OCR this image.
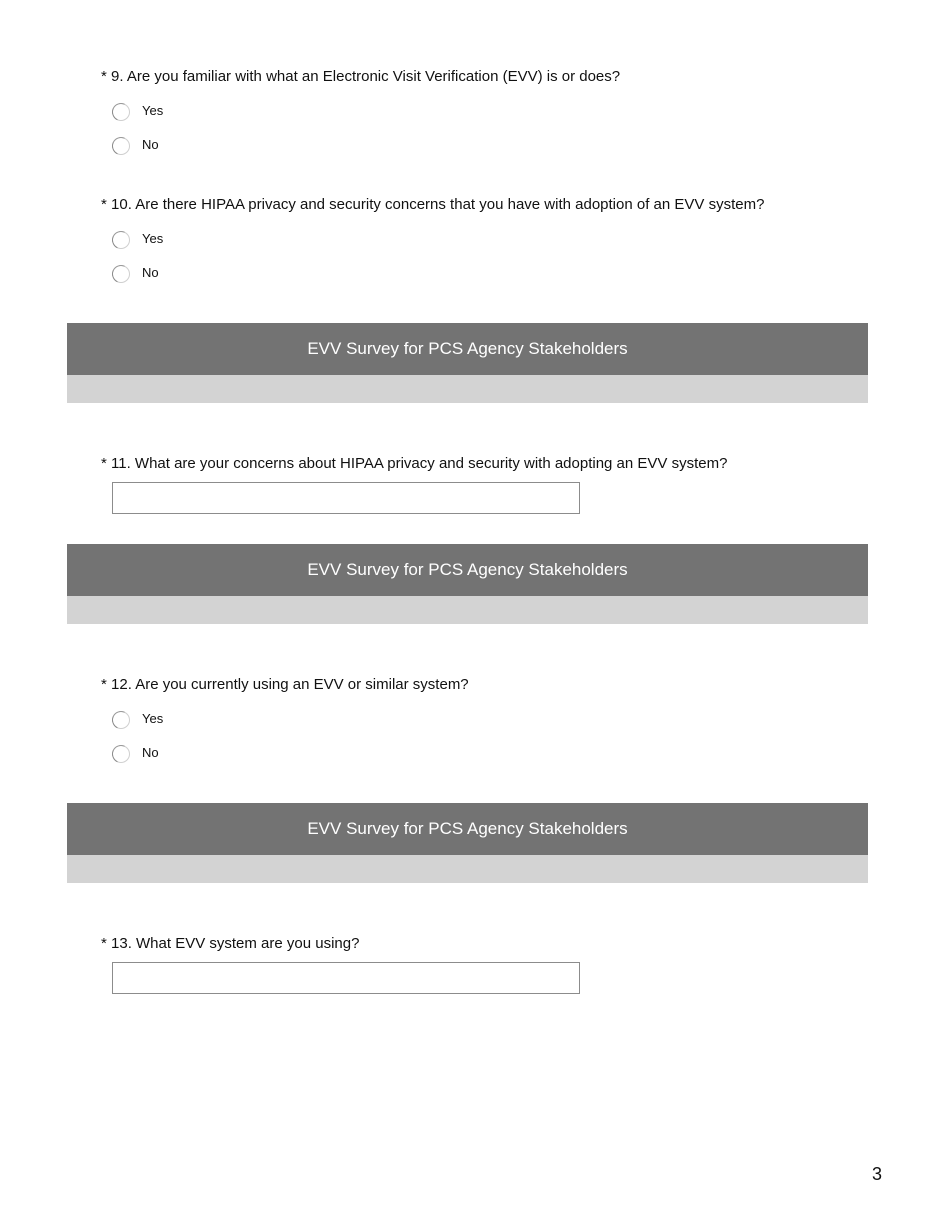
* 9. Are you familiar with what an Electronic Visit Verification (EVV) is or does?
Yes
No
* 10. Are there HIPAA privacy and security concerns that you have with adoption of an EVV system?
Yes
No
EVV Survey for PCS Agency Stakeholders
* 11. What are your concerns about HIPAA privacy and security with adopting an EVV system?
EVV Survey for PCS Agency Stakeholders
* 12. Are you currently using an EVV or similar system?
Yes
No
EVV Survey for PCS Agency Stakeholders
* 13. What EVV system are you using?
3
